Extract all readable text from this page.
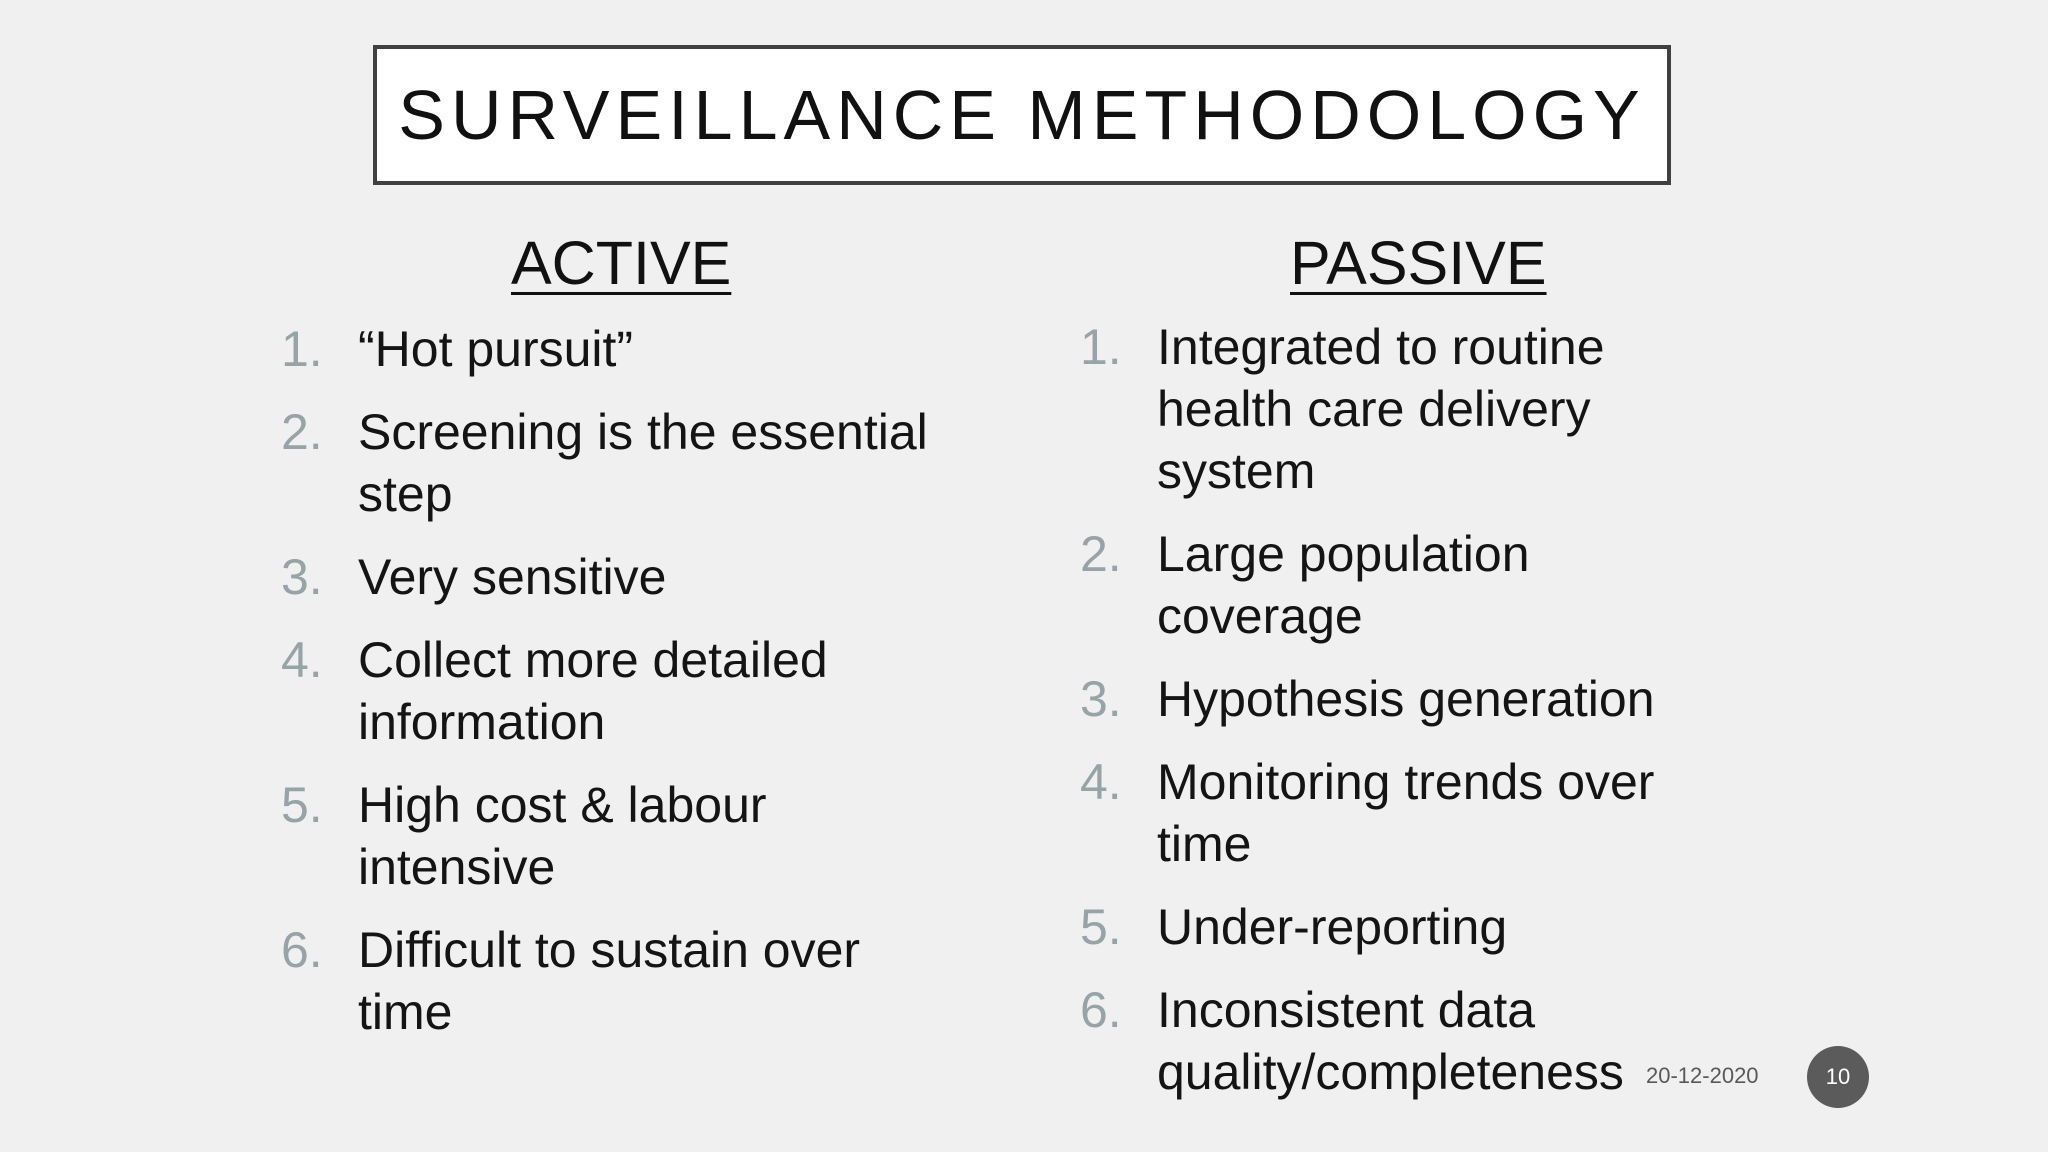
SURVEILLANCE METHODOLOGY
ACTIVE	PASSIVE
1. “Hot pursuit”
2. Screening is the essential
step
3. Very sensitive
4. Collect more detailed
information
5. High cost & labour
intensive
6. Difficult to sustain over
time
1. Integrated to routine
health care delivery
system
2. Large population
coverage
3. Hypothesis generation
4. Monitoring trends over
time
5. Under-reporting
6. Inconsistent data
quality/completeness	20-12-2020	10
